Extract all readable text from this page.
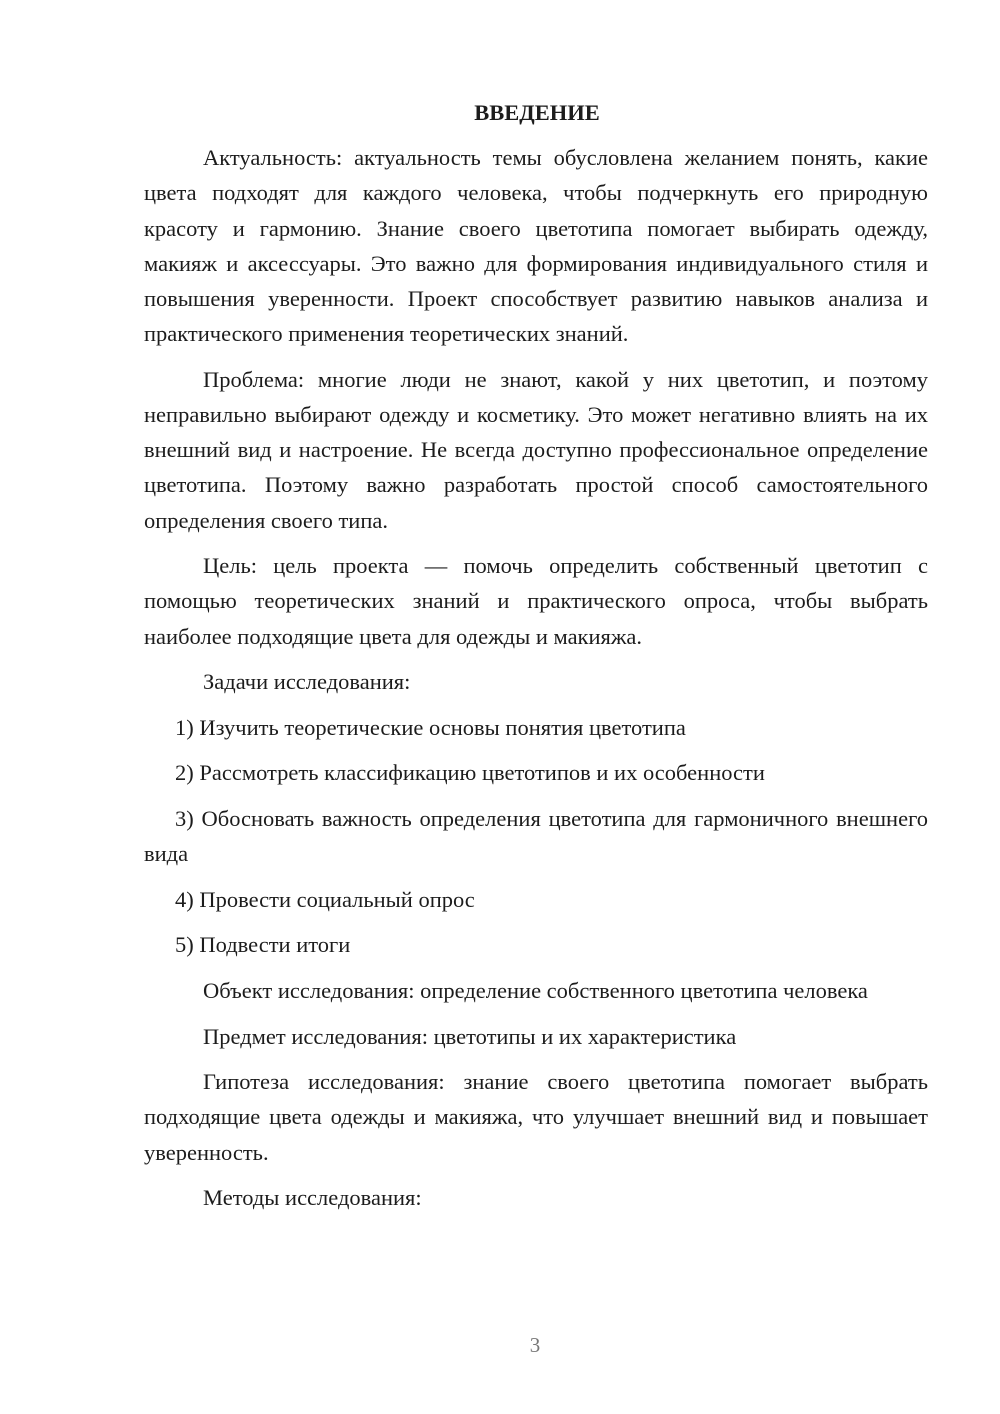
ВВЕДЕНИЕ

Актуальность: актуальность темы обусловлена желанием понять, какие цвета подходят для каждого человека, чтобы подчеркнуть его природную красоту и гармонию. Знание своего цветотипа помогает выбирать одежду, макияж и аксессуары. Это важно для формирования индивидуального стиля и повышения уверенности. Проект способствует развитию навыков анализа и практического применения теоретических знаний.

Проблема: многие люди не знают, какой у них цветотип, и поэтому неправильно выбирают одежду и косметику. Это может негативно влиять на их внешний вид и настроение. Не всегда доступно профессиональное определение цветотипа. Поэтому важно разработать простой способ самостоятельного определения своего типа.

Цель: цель проекта — помочь определить собственный цветотип с помощью теоретических знаний и практического опроса, чтобы выбрать наиболее подходящие цвета для одежды и макияжа.

Задачи исследования:

1) Изучить теоретические основы понятия цветотипа

2) Рассмотреть классификацию цветотипов и их особенности

3) Обосновать важность определения цветотипа для гармоничного внешнего вида

4) Провести социальный опрос

5) Подвести итоги

Объект исследования: определение собственного цветотипа человека

Предмет исследования: цветотипы и их характеристика

Гипотеза исследования: знание своего цветотипа помогает выбрать подходящие цвета одежды и макияжа, что улучшает внешний вид и повышает уверенность.

Методы исследования:

3
